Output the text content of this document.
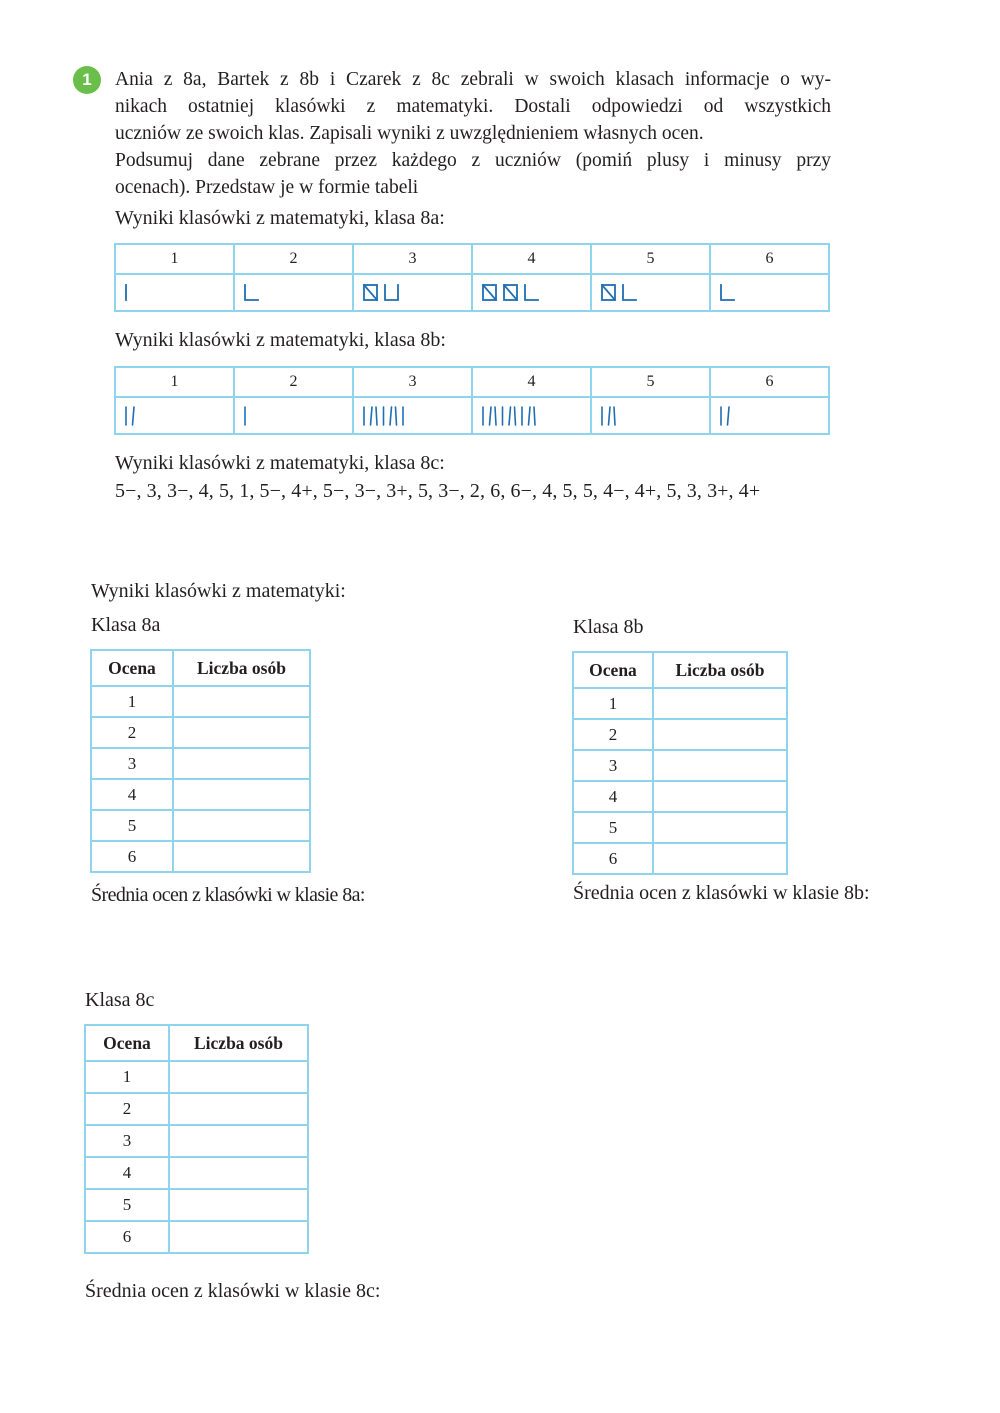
1	Ania z 8a, Bartek z 8b i Czarek z 8c zebrali w swoich klasach informacje o wy-
nikach ostatniej klasówki z matematyki. Dostali odpowiedzi od wszystkich
uczniów ze swoich klas. Zapisali wyniki z uwzględnieniem własnych ocen.
Podsumuj dane zebrane przez każdego z uczniów (pomiń plusy i minusy przy
ocenach). Przedstaw je w formie tabeli
Wyniki klasówki z matematyki, klasa 8a:
1	2	3	4	5	6

Wyniki klasówki z matematyki, klasa 8b:
1	2	3	4	5	6

Wyniki klasówki z matematyki, klasa 8c:
5−, 3, 3−, 4, 5, 1, 5−, 4+, 5−, 3−, 3+, 5, 3−, 2, 6, 6−, 4, 5, 5, 4−, 4+, 5, 3, 3+, 4+
Wyniki klasówki z matematyki:
Klasa 8a
Ocena	Liczba osób
1	
2	
3	
4	
5	
6	
Średnia ocen z klasówki w klasie 8a:
Klasa 8b
Ocena	Liczba osób
1	
2	
3	
4	
5	
6	
Średnia ocen z klasówki w klasie 8b:
Klasa 8c
Ocena	Liczba osób
1	
2	
3	
4	
5	
6	
Średnia ocen z klasówki w klasie 8c:
